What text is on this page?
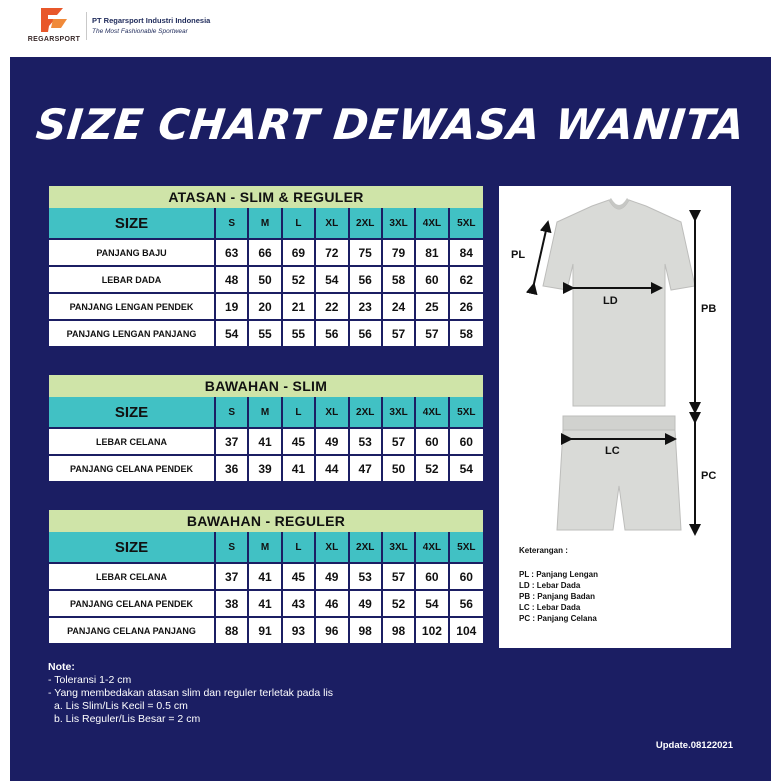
REGARSPORT
PT Regarsport Industri Indonesia
The Most Fashionable Sportwear
SIZE CHART DEWASA WANITA
ATASAN - SLIM & REGULER
SIZE	S	M	L XL 2XL 3XL 4XL 5XL
PANJANG BAJU	63 66 69 72 75 79 81 84
LEBAR DADA	48 50 52 54 56 58 60 62
PANJANG LENGAN PENDEK	19 20 21 22 23 24 25 26
PANJANG LENGAN PANJANG 54 55 55 56 56 57 57 58
BAWAHAN - SLIM
SIZE	S	M	L XL 2XL 3XL 4XL 5XL
LEBAR CELANA	37 41 45 49 53 57 60 60
PANJANG CELANA PENDEK	36 39 41 44 47 50 52 54
BAWAHAN - REGULER
SIZE	S	M	L XL 2XL 3XL 4XL 5XL
LEBAR CELANA	37 41 45 49 53 57 60 60
PANJANG CELANA PENDEK	38 41 43 46 49 52 54 56
PANJANG CELANA PANJANG 88 91 93 96 98 98 102 104
PL
LD
PB
LC
PC
Keterangan :
PL : Panjang Lengan
LD : Lebar Dada
PB : Panjang Badan
LC : Lebar Dada
PC : Panjang Celana
Note:
- Toleransi 1-2 cm
- Yang membedakan atasan slim dan reguler terletak pada lis
a. Lis Slim/Lis Kecil = 0.5 cm
b. Lis Reguler/Lis Besar = 2 cm
Update.08122021
